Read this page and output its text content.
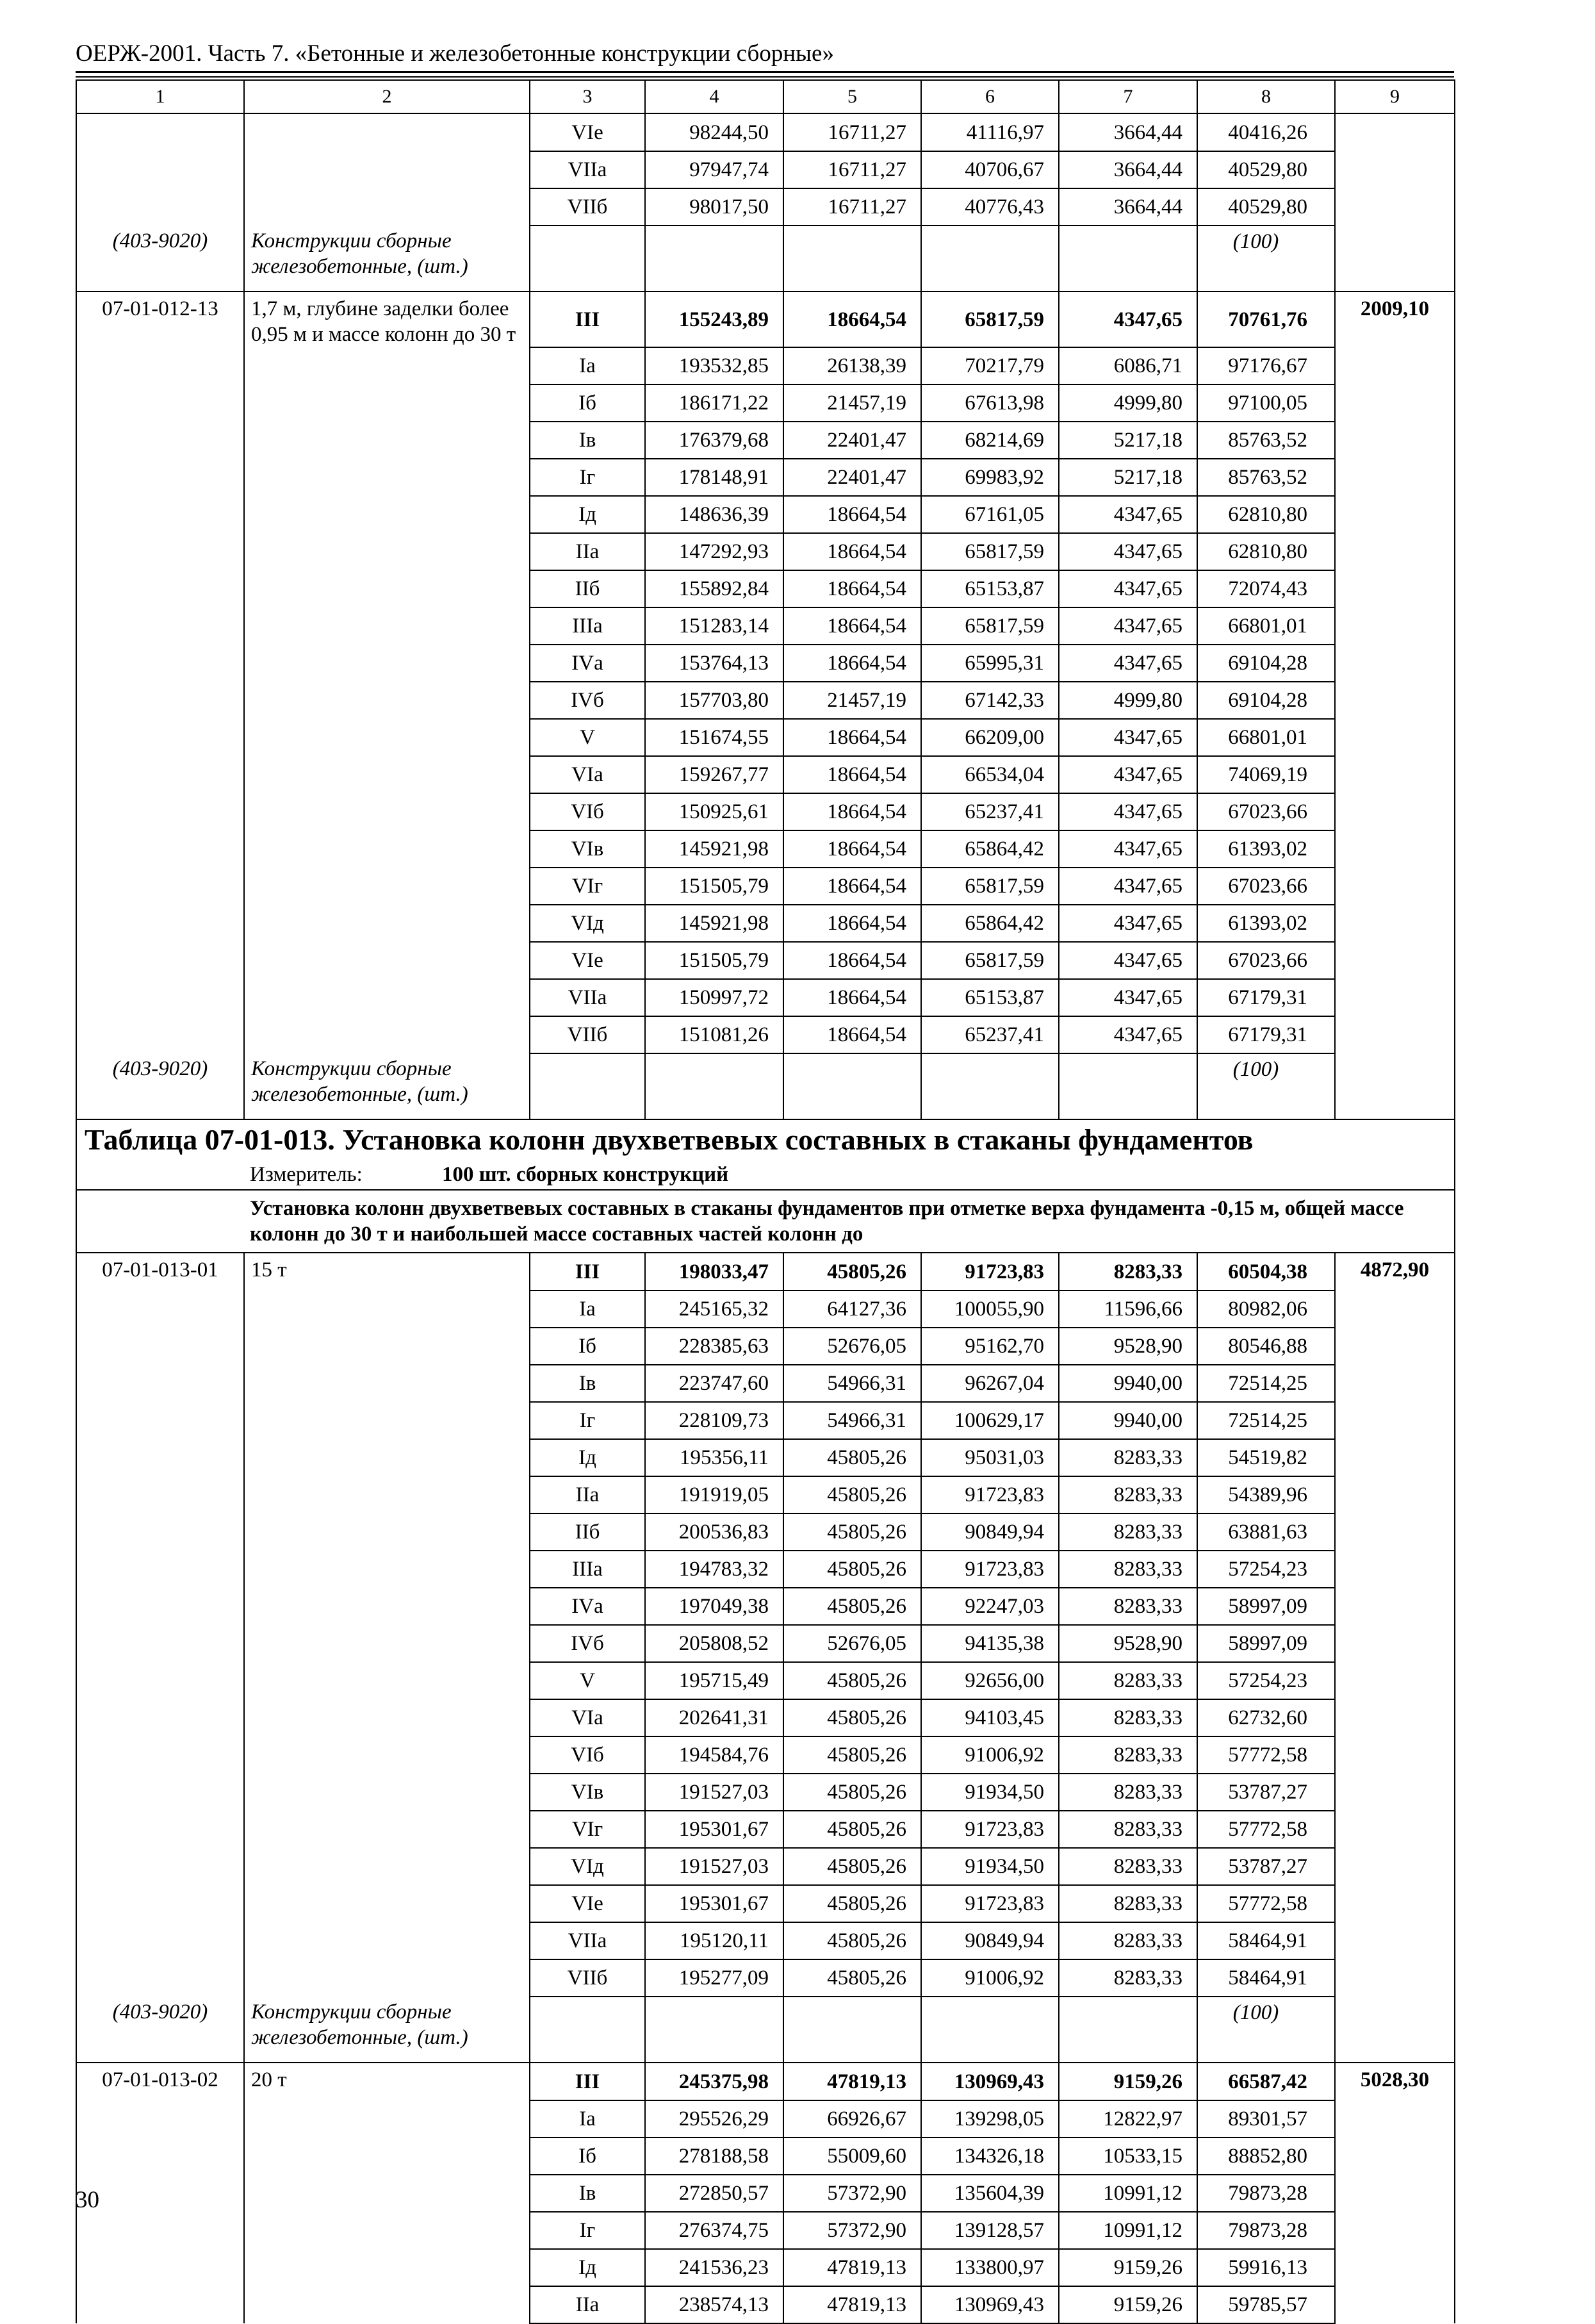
ОЕРЖ-2001. Часть 7. «Бетонные и железобетонные конструкции сборные»
1	2	3	4	5	6	7	8	9
		VIе	98244,50	16711,27	41116,97	3664,44	40416,26	
		VIIа	97947,74	16711,27	40706,67	3664,44	40529,80	
		VIIб	98017,50	16711,27	40776,43	3664,44	40529,80	
(403-9020)	Конструкции сборные железобетонные, (шт.)						(100)	
07-01-012-13	1,7 м, глубине заделки более 0,95 м и массе колонн до 30 т	III	155243,89	18664,54	65817,59	4347,65	70761,76	2009,10
		Iа	193532,85	26138,39	70217,79	6086,71	97176,67	
		Iб	186171,22	21457,19	67613,98	4999,80	97100,05	
		Iв	176379,68	22401,47	68214,69	5217,18	85763,52	
		Iг	178148,91	22401,47	69983,92	5217,18	85763,52	
		Iд	148636,39	18664,54	67161,05	4347,65	62810,80	
		IIа	147292,93	18664,54	65817,59	4347,65	62810,80	
		IIб	155892,84	18664,54	65153,87	4347,65	72074,43	
		IIIа	151283,14	18664,54	65817,59	4347,65	66801,01	
		IVа	153764,13	18664,54	65995,31	4347,65	69104,28	
		IVб	157703,80	21457,19	67142,33	4999,80	69104,28	
		V	151674,55	18664,54	66209,00	4347,65	66801,01	
		VIа	159267,77	18664,54	66534,04	4347,65	74069,19	
		VIб	150925,61	18664,54	65237,41	4347,65	67023,66	
		VIв	145921,98	18664,54	65864,42	4347,65	61393,02	
		VIг	151505,79	18664,54	65817,59	4347,65	67023,66	
		VIд	145921,98	18664,54	65864,42	4347,65	61393,02	
		VIе	151505,79	18664,54	65817,59	4347,65	67023,66	
		VIIа	150997,72	18664,54	65153,87	4347,65	67179,31	
		VIIб	151081,26	18664,54	65237,41	4347,65	67179,31	
(403-9020)	Конструкции сборные железобетонные, (шт.)						(100)	
Таблица 07-01-013. Установка колонн двухветвевых составных в стаканы фундаментов								
Измеритель: 100 шт. сборных конструкций								
Установка колонн двухветвевых составных в стаканы фундаментов при отметке верха фундамента -0,15 м, общей массе колонн до 30 т и наибольшей массе составных частей колонн до								
07-01-013-01	15 т	III	198033,47	45805,26	91723,83	8283,33	60504,38	4872,90
		Iа	245165,32	64127,36	100055,90	11596,66	80982,06	
		Iб	228385,63	52676,05	95162,70	9528,90	80546,88	
		Iв	223747,60	54966,31	96267,04	9940,00	72514,25	
		Iг	228109,73	54966,31	100629,17	9940,00	72514,25	
		Iд	195356,11	45805,26	95031,03	8283,33	54519,82	
		IIа	191919,05	45805,26	91723,83	8283,33	54389,96	
		IIб	200536,83	45805,26	90849,94	8283,33	63881,63	
		IIIа	194783,32	45805,26	91723,83	8283,33	57254,23	
		IVа	197049,38	45805,26	92247,03	8283,33	58997,09	
		IVб	205808,52	52676,05	94135,38	9528,90	58997,09	
		V	195715,49	45805,26	92656,00	8283,33	57254,23	
		VIа	202641,31	45805,26	94103,45	8283,33	62732,60	
		VIб	194584,76	45805,26	91006,92	8283,33	57772,58	
		VIв	191527,03	45805,26	91934,50	8283,33	53787,27	
		VIг	195301,67	45805,26	91723,83	8283,33	57772,58	
		VIд	191527,03	45805,26	91934,50	8283,33	53787,27	
		VIе	195301,67	45805,26	91723,83	8283,33	57772,58	
		VIIа	195120,11	45805,26	90849,94	8283,33	58464,91	
		VIIб	195277,09	45805,26	91006,92	8283,33	58464,91	
(403-9020)	Конструкции сборные железобетонные, (шт.)						(100)	
07-01-013-02	20 т	III	245375,98	47819,13	130969,43	9159,26	66587,42	5028,30
		Iа	295526,29	66926,67	139298,05	12822,97	89301,57	
		Iб	278188,58	55009,60	134326,18	10533,15	88852,80	
		Iв	272850,57	57372,90	135604,39	10991,12	79873,28	
		Iг	276374,75	57372,90	139128,57	10991,12	79873,28	
		Iд	241536,23	47819,13	133800,97	9159,26	59916,13	
		IIа	238574,13	47819,13	130969,43	9159,26	59785,57	
30
